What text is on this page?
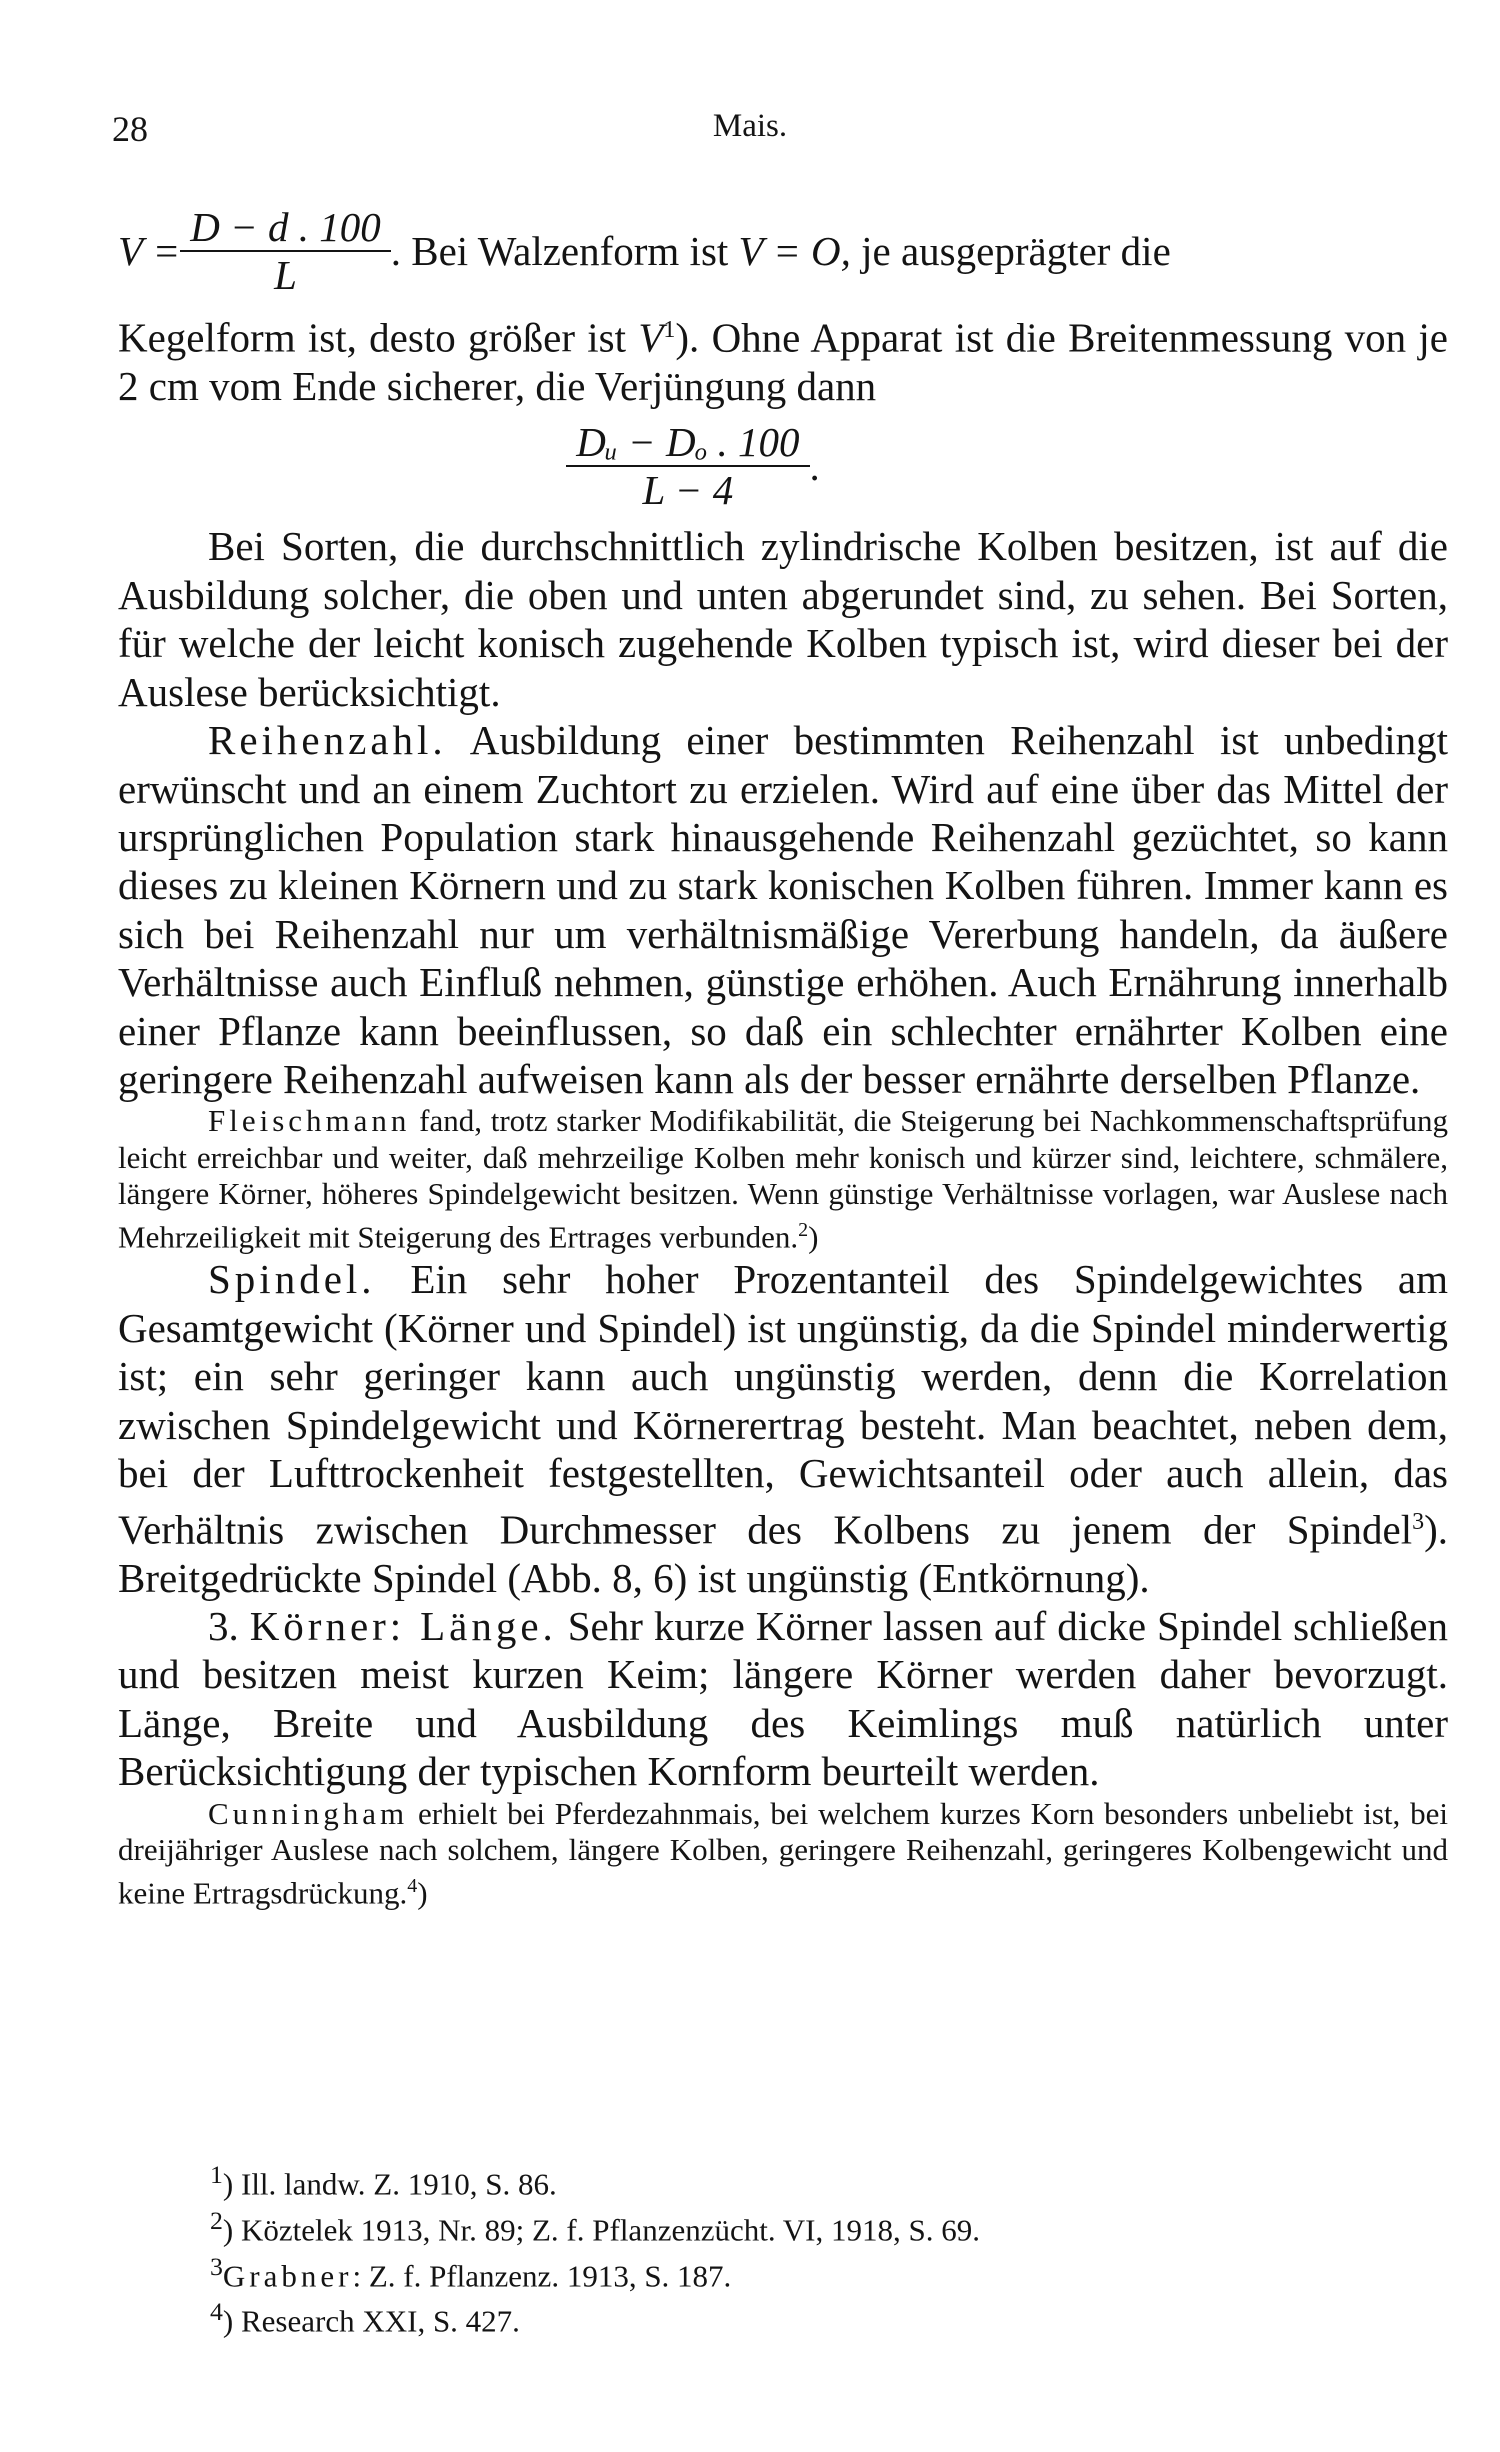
28	Mais.
$V = \frac{D - d . 100}{L}$ . Bei Walzenform ist V = O, je ausgeprägter die

Kegelform ist, desto größer ist $V^1$). Ohne Apparat ist die Breitenmessung von je 2 cm vom Ende sicherer, die Verjüngung dann

$\frac{\text{Dᵤ − Dₒ . 100}}{L - 4}$ .

Bei Sorten, die durchschnittlich zylindrische Kolben besitzen, ist auf die Ausbildung solcher, die oben und unten abgerundet sind, zu sehen. Bei Sorten, für welche der leicht konisch zugehende Kolben typisch ist, wird dieser bei der Auslese berücksichtigt.

Reihenzahl. Ausbildung einer bestimmten Reihenzahl ist unbedingt erwünscht und an einem Zuchtort zu erzielen. Wird auf eine über das Mittel der ursprünglichen Population stark hinausgehende Reihenzahl gezüchtet, so kann dieses zu kleinen Körnern und zu stark konischen Kolben führen. Immer kann es sich bei Reihenzahl nur um verhältnismäßige Vererbung handeln, da äußere Verhältnisse auch Einfluß nehmen, günstige erhöhen. Auch Ernährung innerhalb einer Pflanze kann beeinflussen, so daß ein schlechter ernährter Kolben eine geringere Reihenzahl aufweisen kann als der besser ernährte derselben Pflanze.

Fleischmann fand, trotz starker Modifikabilität, die Steigerung bei Nachkommenschaftsprüfung leicht erreichbar und weiter, daß mehrzeilige Kolben mehr konisch und kürzer sind, leichtere, schmälere, längere Körner, höheres Spindelgewicht besitzen. Wenn günstige Verhältnisse vorlagen, war Auslese nach Mehrzeiligkeit mit Steigerung des Ertrages verbunden.$^2$)

Spindel. Ein sehr hoher Prozentanteil des Spindelgewichtes am Gesamtgewicht (Körner und Spindel) ist ungünstig, da die Spindel minderwertig ist; ein sehr geringer kann auch ungünstig werden, denn die Korrelation zwischen Spindelgewicht und Körnerertrag besteht. Man beachtet, neben dem, bei der Lufttrockenheit festgestellten, Gewichtsanteil oder auch allein, das Verhältnis zwischen Durchmesser des Kolbens zu jenem der Spindel$^3$). Breitgedrückte Spindel (Abb. 8, 6) ist ungünstig (Entkörnung).

3. Körner: Länge. Sehr kurze Körner lassen auf dicke Spindel schließen und besitzen meist kurzen Keim; längere Körner werden daher bevorzugt. Länge, Breite und Ausbildung des Keimlings muß natürlich unter Berücksichtigung der typischen Kornform beurteilt werden.

Cunningham erhielt bei Pferdezahnmais, bei welchem kurzes Korn besonders unbeliebt ist, bei dreijähriger Auslese nach solchem, längere Kolben, geringere Reihenzahl, geringeres Kolbengewicht und keine Ertragsdrückung.$^4$)

$^1$) Ill. landw. Z. 1910, S. 86.
$^2$) Köztelek 1913, Nr. 89; Z. f. Pflanzenzücht. VI, 1918, S. 69.
$^3$Grabner: Z. f. Pflanzenz. 1913, S. 187.
$^4$) Research XXI, S. 427.
